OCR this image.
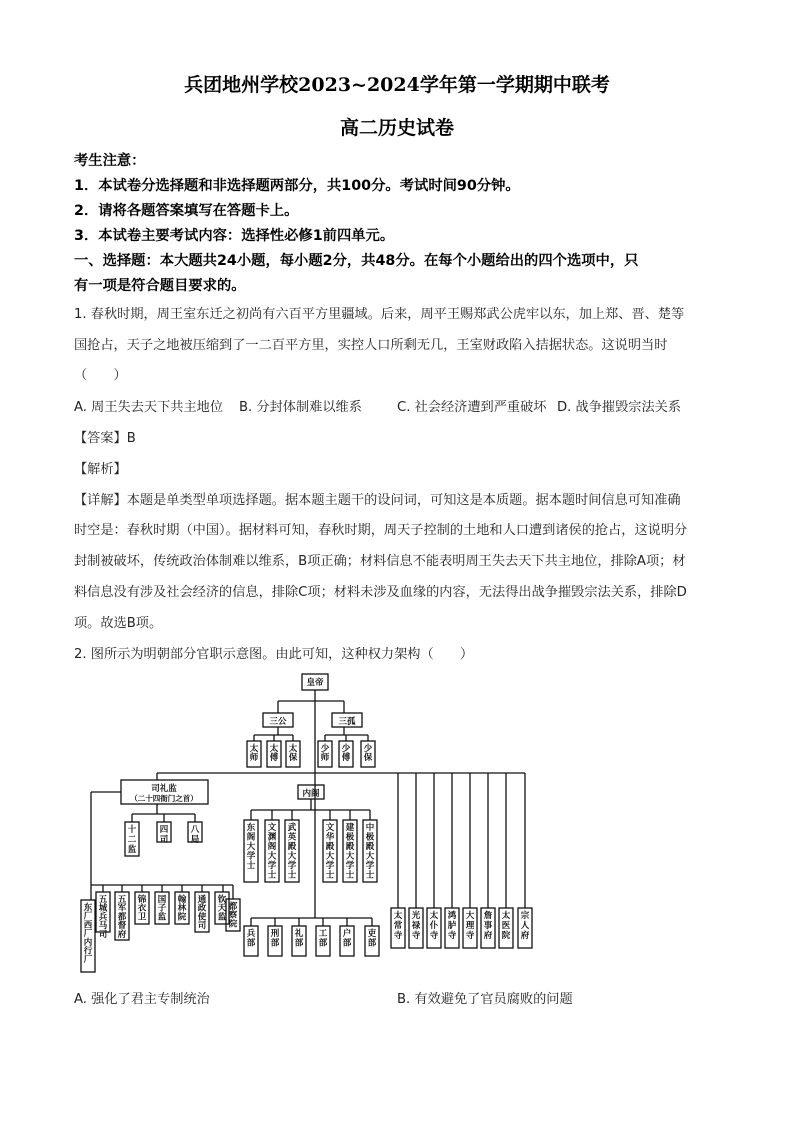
兵团地州学校2023~2024学年第一学期期中联考
高二历史试卷
考生注意：
1．本试卷分选择题和非选择题两部分，共100分。考试时间90分钟。
2．请将各题答案填写在答题卡上。
3．本试卷主要考试内容：选择性必修1前四单元。
一、选择题：本大题共24小题，每小题2分，共48分。在每个小题给出的四个选项中，只
有一项是符合题目要求的。
1. 春秋时期，周王室东迁之初尚有六百平方里疆域。后来，周平王赐郑武公虎牢以东，加上郑、晋、楚等
国抢占，天子之地被压缩到了一二百平方里，实控人口所剩无几，王室财政陷入拮据状态。这说明当时
（　　）
A. 周王失去天下共主地位 B. 分封体制难以维系	C. 社会经济遭到严重破坏 D. 战争摧毁宗法关系
【答案】B
【解析】
【详解】本题是单类型单项选择题。据本题主题干的设问词，可知这是本质题。据本题时间信息可知准确
时空是：春秋时期（中国）。据材料可知，春秋时期，周天子控制的土地和人口遭到诸侯的抢占，这说明分
封制被破坏，传统政治体制难以维系，B项正确；材料信息不能表明周王失去天下共主地位，排除A项；材
料信息没有涉及社会经济的信息，排除C项；材料未涉及血缘的内容，无法得出战争摧毁宗法关系，排除D
项。故选B项。
2. 图所示为明朝部分官职示意图。由此可知，这种权力架构（　　）
皇帝
三公	三孤
太师
太傅
太保
少师
少傅
少保
司礼监
（二十四衙门之首）
十二监
四司
八局
内阁
东阁大学士
文渊阁大学士
武英殿大学士
文华殿大学士
建极殿大学士
中极殿大学士
东厂西厂内行厂
五城兵马司
五军都督府
锦衣卫
国子监
翰林院
通政使司
钦天监
都察院
兵部
刑部
礼部
工部
户部
吏部
太常寺
光禄寺
太仆寺
鸿胪寺
大理寺
詹事府
太医院
宗人府
A. 强化了君主专制统治	B. 有效避免了官员腐败的问题
